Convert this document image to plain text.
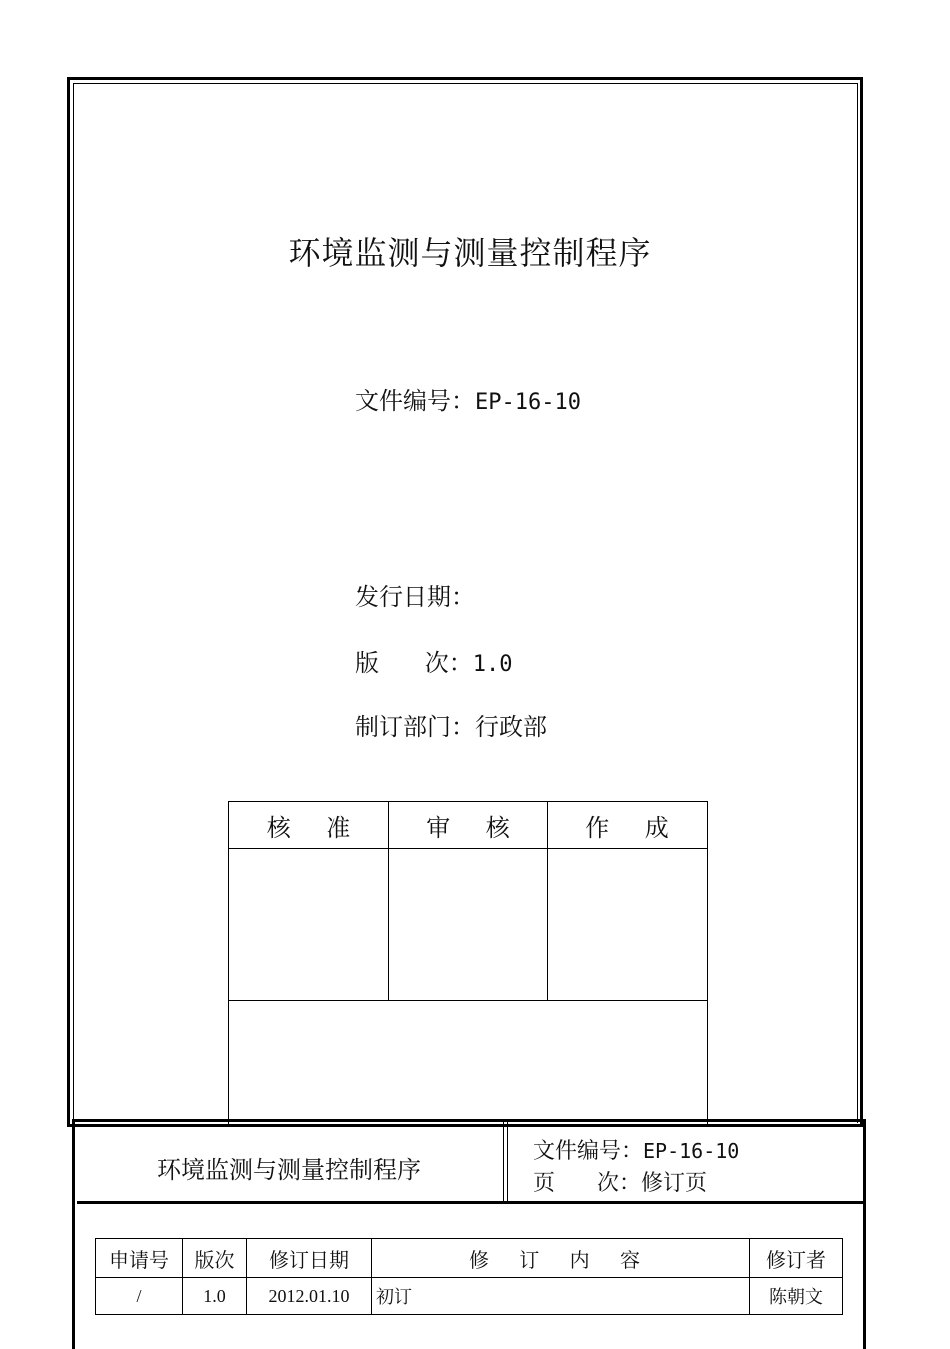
环境监测与测量控制程序
文件编号：EP-16-10
发行日期：
版      次：1.0
制订部门：行政部
核    准	审    核	作    成
环境监测与测量控制程序
文件编号：EP-16-10
页      次：修订页
申请号	版次	修订日期	修 订 内 容	修订者
/	1.0	2012.01.10	初订	陈朝文
